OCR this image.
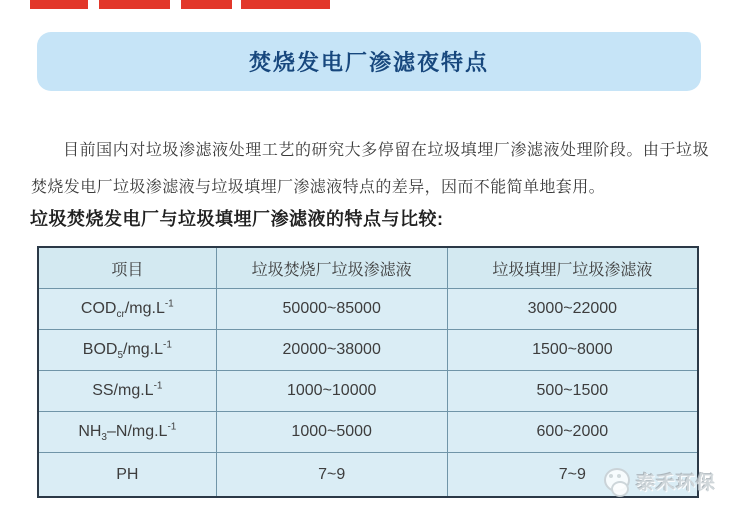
焚烧发电厂渗滤夜特点

目前国内对垃圾渗滤液处理工艺的研究大多停留在垃圾填埋厂渗滤液处理阶段。由于垃圾焚烧发电厂垃圾渗滤液与垃圾填埋厂渗滤液特点的差异，因而不能简单地套用。

垃圾焚烧发电厂与垃圾填埋厂渗滤液的特点与比较:
项目	垃圾焚烧厂垃圾渗滤液	垃圾填埋厂垃圾渗滤液
$COD_{cr}/mg.L^{-1}$	50000~85000	3000~22000
$BOD_5/mg.L^{-1}$	20000~38000	1500~8000
$SS/mg.L^{-1}$	1000~10000	500~1500
$NH_3-N/mg.L^{-1}$	1000~5000	600~2000
PH	7~9	7~9	泰禾环保
